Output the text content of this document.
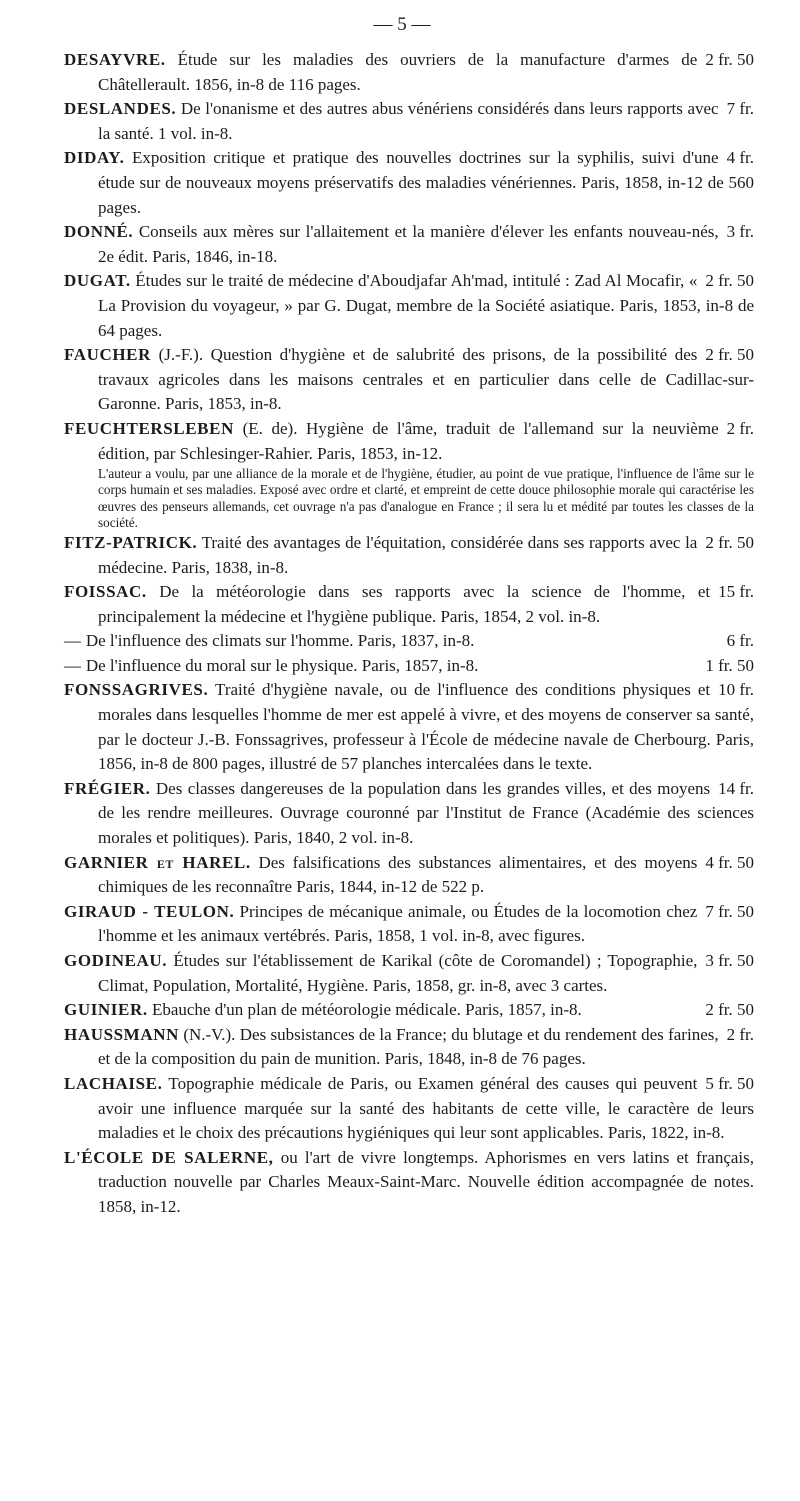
— 5 —

2 fr. 50
DESAYVRE. Étude sur les maladies des ouvriers de la manufacture d'armes de Châtellerault. 1856, in-8 de 116 pages.

7 fr.
DESLANDES. De l'onanisme et des autres abus vénériens considérés dans leurs rapports avec la santé. 1 vol. in-8.

4 fr.
DIDAY. Exposition critique et pratique des nouvelles doctrines sur la syphilis, suivi d'une étude sur de nouveaux moyens préservatifs des maladies vénériennes. Paris, 1858, in-12 de 560 pages.

3 fr.
DONNÉ. Conseils aux mères sur l'allaitement et la manière d'élever les enfants nouveau-nés, 2e édit. Paris, 1846, in-18.

2 fr. 50
DUGAT. Études sur le traité de médecine d'Aboudjafar Ah'mad, intitulé : Zad Al Mocafir, « La Provision du voyageur, » par G. Dugat, membre de la Société asiatique. Paris, 1853, in-8 de 64 pages.

2 fr. 50
FAUCHER (J.-F.). Question d'hygiène et de salubrité des prisons, de la possibilité des travaux agricoles dans les maisons centrales et en particulier dans celle de Cadillac-sur-Garonne. Paris, 1853, in-8.

2 fr.
FEUCHTERSLEBEN (E. de). Hygiène de l'âme, traduit de l'allemand sur la neuvième édition, par Schlesinger-Rahier. Paris, 1853, in-12.

L'auteur a voulu, par une alliance de la morale et de l'hygiène, étudier, au point de vue pratique, l'influence de l'âme sur le corps humain et ses maladies. Exposé avec ordre et clarté, et empreint de cette douce philosophie morale qui caractérise les œuvres des penseurs allemands, cet ouvrage n'a pas d'analogue en France ; il sera lu et médité par toutes les classes de la société.

2 fr. 50
FITZ-PATRICK. Traité des avantages de l'équitation, considérée dans ses rapports avec la médecine. Paris, 1838, in-8.

15 fr.
FOISSAC. De la météorologie dans ses rapports avec la science de l'homme, et principalement la médecine et l'hygiène publique. Paris, 1854, 2 vol. in-8.

6 fr.
— De l'influence des climats sur l'homme. Paris, 1837, in-8.

1 fr. 50
— De l'influence du moral sur le physique. Paris, 1857, in-8.

10 fr.
FONSSAGRIVES. Traité d'hygiène navale, ou de l'influence des conditions physiques et morales dans lesquelles l'homme de mer est appelé à vivre, et des moyens de conserver sa santé, par le docteur J.-B. Fonssagrives, professeur à l'École de médecine navale de Cherbourg. Paris, 1856, in-8 de 800 pages, illustré de 57 planches intercalées dans le texte.

14 fr.
FRÉGIER. Des classes dangereuses de la population dans les grandes villes, et des moyens de les rendre meilleures. Ouvrage couronné par l'Institut de France (Académie des sciences morales et politiques). Paris, 1840, 2 vol. in-8.

4 fr. 50
GARNIER et HAREL. Des falsifications des substances alimentaires, et des moyens chimiques de les reconnaître Paris, 1844, in-12 de 522 p.

7 fr. 50
GIRAUD - TEULON. Principes de mécanique animale, ou Études de la locomotion chez l'homme et les animaux vertébrés. Paris, 1858, 1 vol. in-8, avec figures.

3 fr. 50
GODINEAU. Études sur l'établissement de Karikal (côte de Coromandel) ; Topographie, Climat, Population, Mortalité, Hygiène. Paris, 1858, gr. in-8, avec 3 cartes.

2 fr. 50
GUINIER. Ebauche d'un plan de météorologie médicale. Paris, 1857, in-8.

2 fr.
HAUSSMANN (N.-V.). Des subsistances de la France; du blutage et du rendement des farines, et de la composition du pain de munition. Paris, 1848, in-8 de 76 pages.

5 fr. 50
LACHAISE. Topographie médicale de Paris, ou Examen général des causes qui peuvent avoir une influence marquée sur la santé des habitants de cette ville, le caractère de leurs maladies et le choix des précautions hygiéniques qui leur sont applicables. Paris, 1822, in-8.

L'ÉCOLE DE SALERNE, ou l'art de vivre longtemps. Aphorismes en vers latins et français, traduction nouvelle par Charles Meaux-Saint-Marc. Nouvelle édition accompagnée de notes. 1858, in-12.
